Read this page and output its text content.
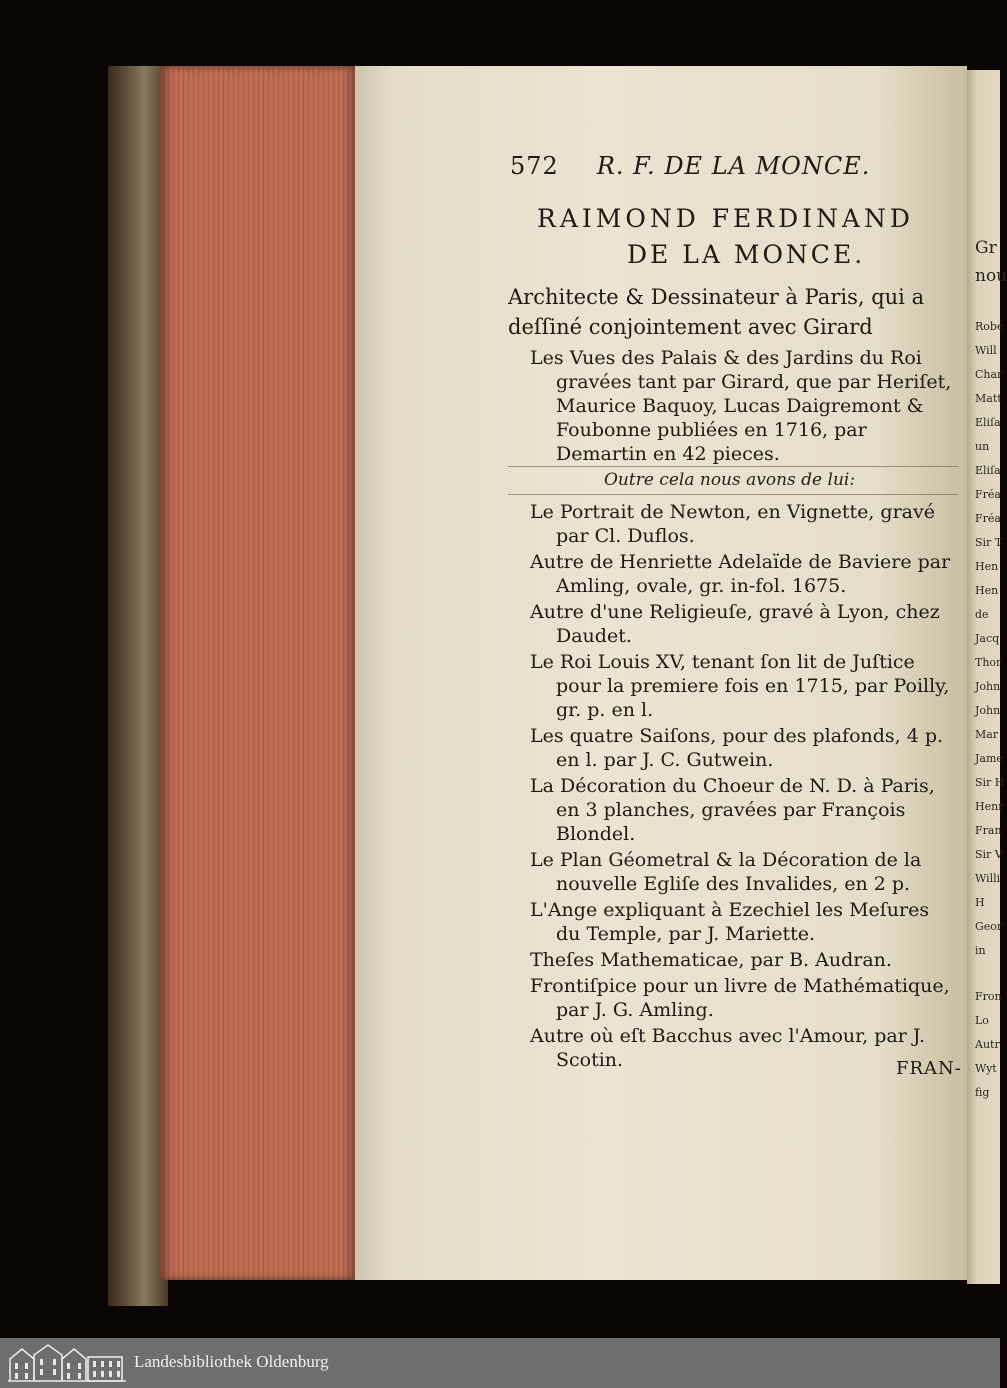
Gr
nou
Robe
Will
Char
Matt
Eliſa
un
Eliſa
Fréa
Fréa
Sir T
Hen
Hen
de
Jacq
Thor
John
John
Mar
Jame
Sir H
Henr
Fran
Sir V
Willi
H
Geor
in
Fron
Lo
Autr
Wyt
fig
572 R. F. DE LA MONCE.
RAIMOND FERDINAND
DE LA MONCE.
Architecte & Dessinateur à Paris, qui a deſſiné conjointement avec Girard
Les Vues des Palais & des Jardins du Roi gravées tant par Girard, que par Heriſet, Maurice Baquoy, Lucas Daigremont & Foubonne publiées en 1716, par Demartin en 42 pieces.
Outre cela nous avons de lui:
Le Portrait de Newton, en Vignette, gravé par Cl. Duflos.
Autre de Henriette Adelaïde de Baviere par Amling, ovale, gr. in-fol. 1675.
Autre d'une Religieuſe, gravé à Lyon, chez Daudet.
Le Roi Louis XV, tenant ſon lit de Juſtice pour la premiere fois en 1715, par Poilly, gr. p. en l.
Les quatre Saiſons, pour des plafonds, 4 p. en l. par J. C. Gutwein.
La Décoration du Choeur de N. D. à Paris, en 3 planches, gravées par François Blondel.
Le Plan Géometral & la Décoration de la nouvelle Egliſe des Invalides, en 2 p.
L'Ange expliquant à Ezechiel les Meſures du Temple, par J. Mariette.
Theſes Mathematicae, par B. Audran.
Frontiſpice pour un livre de Mathématique, par J. G. Amling.
Autre où eſt Bacchus avec l'Amour, par J. Scotin.	FRAN-
Landesbibliothek Oldenburg
